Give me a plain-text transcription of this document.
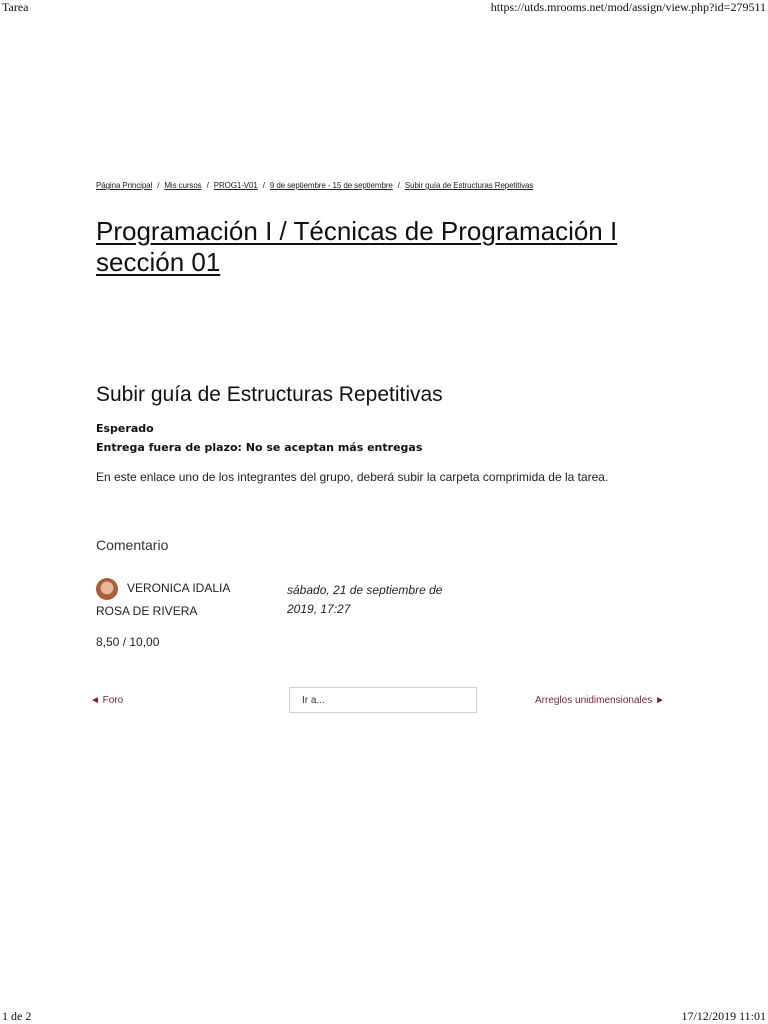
Tarea	https://utds.mrooms.net/mod/assign/view.php?id=279511
Página Principal / Mis cursos / PROG1-V01 / 9 de septiembre - 15 de septiembre / Subir guía de Estructuras Repetitivas
Programación I / Técnicas de Programación I sección 01
Subir guía de Estructuras Repetitivas
Esperado
Entrega fuera de plazo: No se aceptan más entregas
En este enlace uno de los integrantes del grupo, deberá subir la carpeta comprimida de la tarea.
Comentario
VERONICA IDALIA
ROSA DE RIVERA
sábado, 21 de septiembre de 2019, 17:27
8,50 / 10,00
◄ Foro	Ir a...	Arreglos unidimensionales ►
1 de 2	17/12/2019 11:01
